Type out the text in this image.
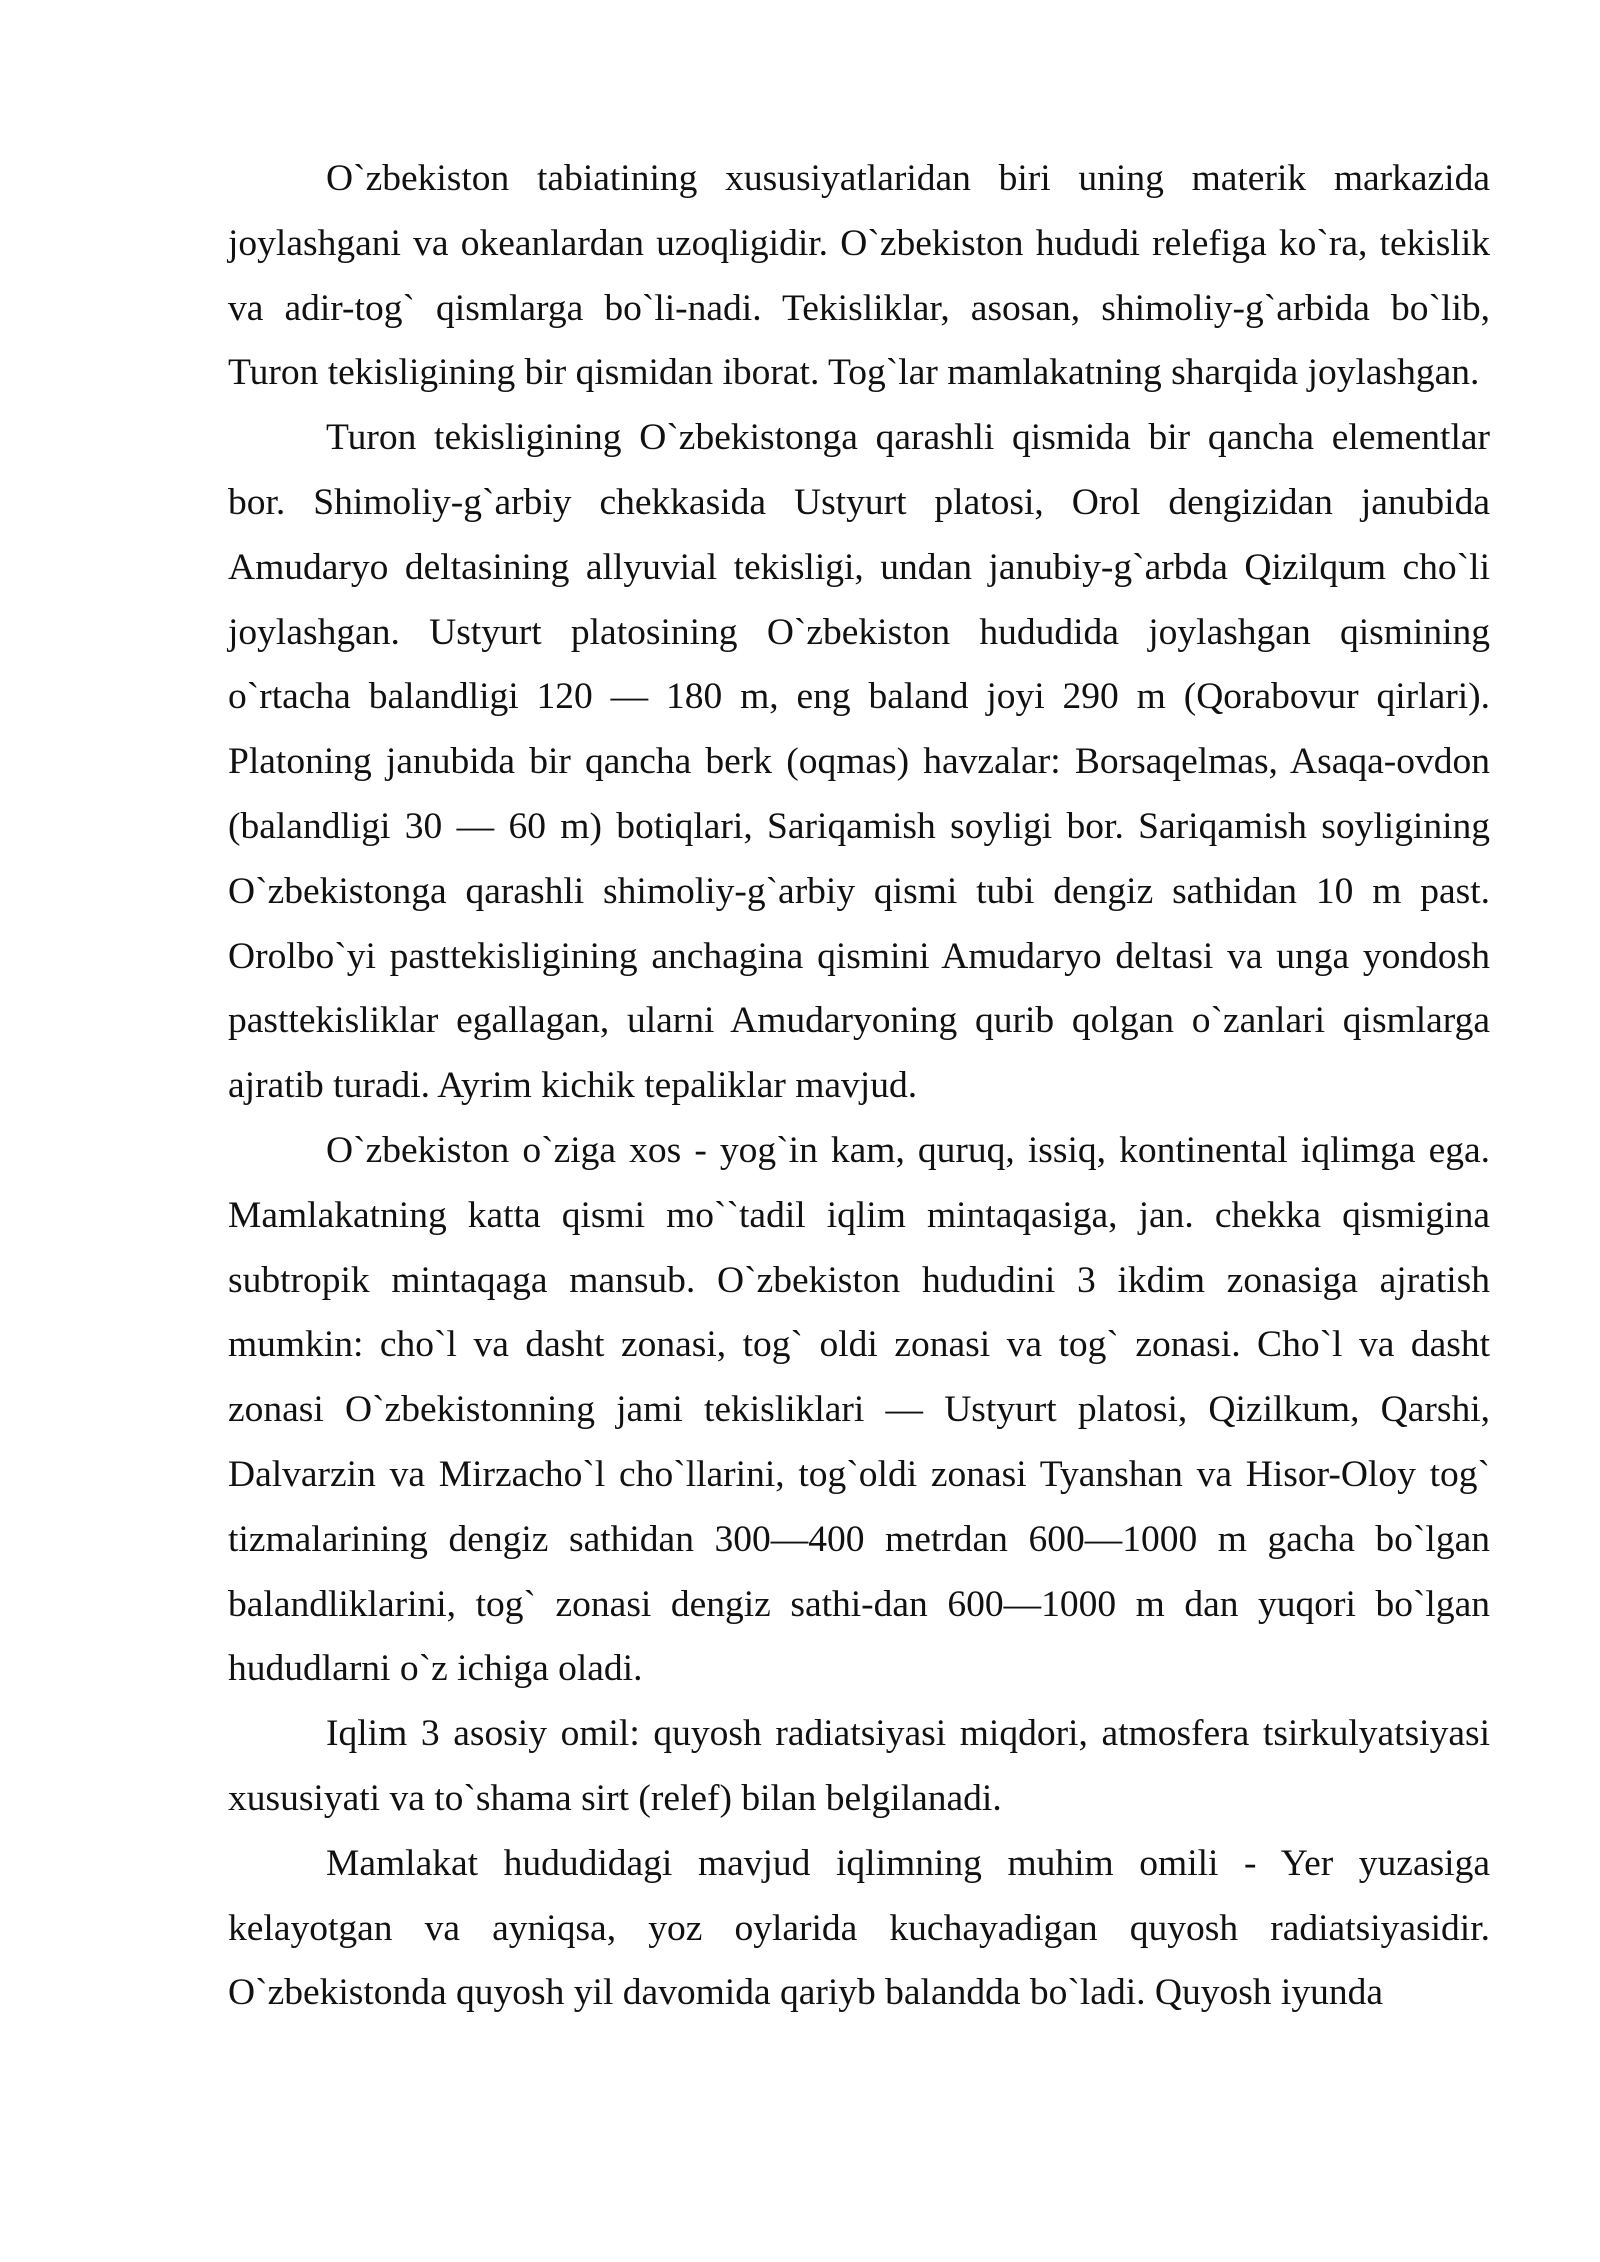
O`zbekiston tabiatining xususiyatlaridan biri uning materik markazida joylashgani va okeanlardan uzoqligidir. O`zbekiston hududi relefiga ko`ra, tekislik va adir-tog` qismlarga bo`li-nadi. Tekisliklar, asosan, shimoliy-g`arbida bo`lib, Turon tekisligining bir qismidan iborat. Tog`lar mamlakatning sharqida joylashgan.

Turon tekisligining O`zbekistonga qarashli qismida bir qancha elementlar bor. Shimoliy-g`arbiy chekkasida Ustyurt platosi, Orol dengizidan janubida Amudaryo deltasining allyuvial tekisligi, undan janubiy-g`arbda Qizilqum cho`li joylashgan. Ustyurt platosining O`zbekiston hududida joylashgan qismining o`rtacha balandligi 120 — 180 m, eng baland joyi 290 m (Qorabovur qirlari). Platoning janubida bir qancha berk (oqmas) havzalar: Borsaqelmas, Asaqa-ovdon (balandligi 30 — 60 m) botiqlari, Sariqamish soyligi bor. Sariqamish soyligining O`zbekistonga qarashli shimoliy-g`arbiy qismi tubi dengiz sathidan 10 m past. Orolbo`yi pasttekisligining anchagina qismini Amudaryo deltasi va unga yondosh pasttekisliklar egallagan, ularni Amudaryoning qurib qolgan o`zanlari qismlarga ajratib turadi. Ayrim kichik tepaliklar mavjud.

O`zbekiston o`ziga xos - yog`in kam, quruq, issiq, kontinental iqlimga ega. Mamlakatning katta qismi mo``tadil iqlim mintaqasiga, jan. chekka qismigina subtropik mintaqaga mansub. O`zbekiston hududini 3 ikdim zonasiga ajratish mumkin: cho`l va dasht zonasi, tog` oldi zonasi va tog` zonasi. Cho`l va dasht zonasi O`zbekistonning jami tekisliklari — Ustyurt platosi, Qizilkum, Qarshi, Dalvarzin va Mirzacho`l cho`llarini, tog`oldi zonasi Tyanshan va Hisor-Oloy tog` tizmalarining dengiz sathidan 300—400 metrdan 600—1000 m gacha bo`lgan balandliklarini, tog` zonasi dengiz sathi-dan 600—1000 m dan yuqori bo`lgan hududlarni o`z ichiga oladi.

Iqlim 3 asosiy omil: quyosh radiatsiyasi miqdori, atmosfera tsirkulyatsiyasi xususiyati va to`shama sirt (relef) bilan belgilanadi.

Mamlakat hududidagi mavjud iqlimning muhim omili - Yer yuzasiga kelayotgan va ayniqsa, yoz oylarida kuchayadigan quyosh radiatsiyasidir. O`zbekistonda quyosh yil davomida qariyb balandda bo`ladi. Quyosh iyunda
